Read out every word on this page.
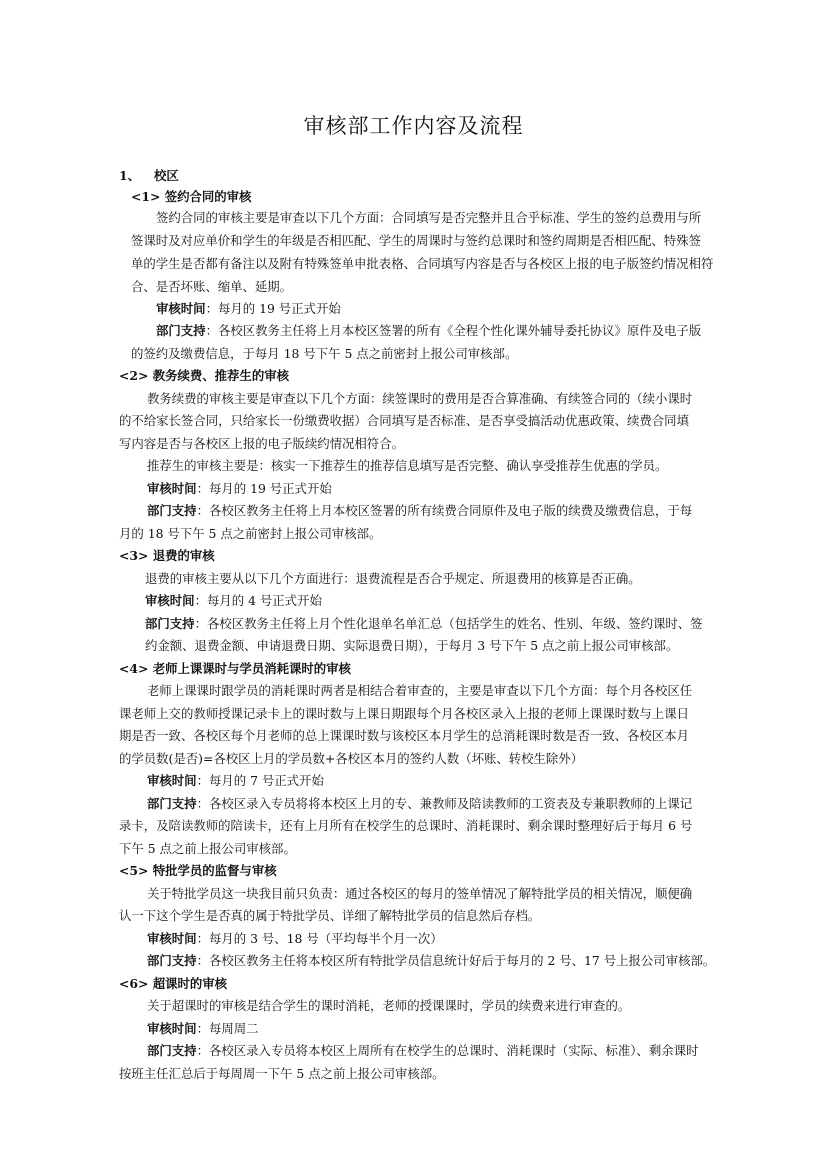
审核部工作内容及流程
1、 校区
<1> 签约合同的审核
签约合同的审核主要是审查以下几个方面：合同填写是否完整并且合乎标准、学生的签约总费用与所
签课时及对应单价和学生的年级是否相匹配、学生的周课时与签约总课时和签约周期是否相匹配、特殊签
单的学生是否都有备注以及附有特殊签单申批表格、合同填写内容是否与各校区上报的电子版签约情况相符
合、是否坏账、缩单、延期。
审核时间：每月的 19 号正式开始
部门支持：各校区教务主任将上月本校区签署的所有《全程个性化课外辅导委托协议》原件及电子版
的签约及缴费信息，于每月 18 号下午 5 点之前密封上报公司审核部。
<2> 教务续费、推荐生的审核
教务续费的审核主要是审查以下几个方面：续签课时的费用是否合算准确、有续签合同的（续小课时
的不给家长签合同，只给家长一份缴费收据）合同填写是否标准、是否享受搞活动优惠政策、续费合同填
写内容是否与各校区上报的电子版续约情况相符合。
推荐生的审核主要是：核实一下推荐生的推荐信息填写是否完整、确认享受推荐生优惠的学员。
审核时间：每月的 19 号正式开始
部门支持：各校区教务主任将上月本校区签署的所有续费合同原件及电子版的续费及缴费信息，于每
月的 18 号下午 5 点之前密封上报公司审核部。
<3> 退费的审核
退费的审核主要从以下几个方面进行：退费流程是否合乎规定、所退费用的核算是否正确。
审核时间：每月的 4 号正式开始
部门支持：各校区教务主任将上月个性化退单名单汇总（包括学生的姓名、性别、年级、签约课时、签
约金额、退费金额、申请退费日期、实际退费日期），于每月 3 号下午 5 点之前上报公司审核部。
<4> 老师上课课时与学员消耗课时的审核
老师上课课时跟学员的消耗课时两者是相结合着审查的，主要是审查以下几个方面：每个月各校区任
课老师上交的教师授课记录卡上的课时数与上课日期跟每个月各校区录入上报的老师上课课时数与上课日
期是否一致、各校区每个月老师的总上课课时数与该校区本月学生的总消耗课时数是否一致、各校区本月
的学员数(是否)=各校区上月的学员数+各校区本月的签约人数（坏账、转校生除外）
审核时间：每月的 7 号正式开始
部门支持：各校区录入专员将将本校区上月的专、兼教师及陪读教师的工资表及专兼职教师的上课记
录卡，及陪读教师的陪读卡，还有上月所有在校学生的总课时、消耗课时、剩余课时整理好后于每月 6 号
下午 5 点之前上报公司审核部。
<5> 特批学员的监督与审核
关于特批学员这一块我目前只负责：通过各校区的每月的签单情况了解特批学员的相关情况，顺便确
认一下这个学生是否真的属于特批学员、详细了解特批学员的信息然后存档。
审核时间：每月的 3 号、18 号（平均每半个月一次）
部门支持：各校区教务主任将本校区所有特批学员信息统计好后于每月的 2 号、17 号上报公司审核部。
<6> 超课时的审核
关于超课时的审核是结合学生的课时消耗，老师的授课课时，学员的续费来进行审查的。
审核时间：每周周二
部门支持：各校区录入专员将本校区上周所有在校学生的总课时、消耗课时（实际、标准）、剩余课时
按班主任汇总后于每周周一下午 5 点之前上报公司审核部。
